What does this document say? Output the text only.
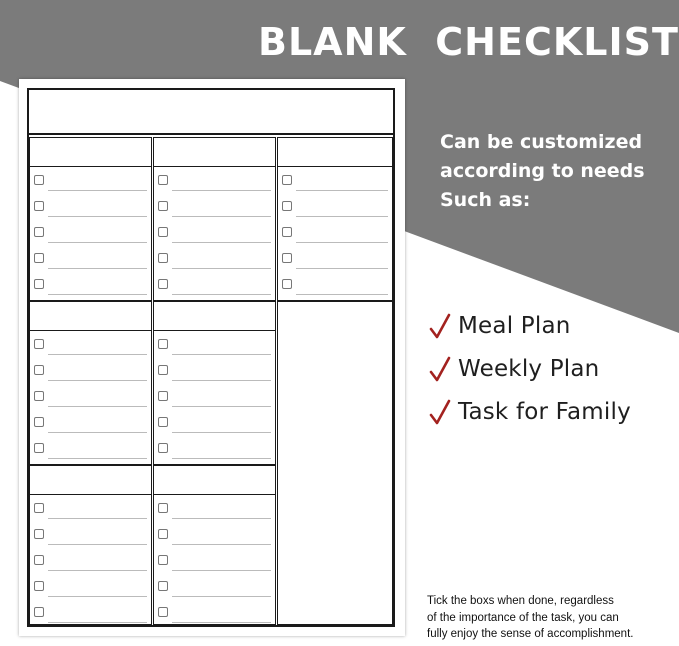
BLANK  CHECKLIST
Can be customized
according to needs
Such as:
Meal Plan
Weekly Plan
Task for Family
Tick the boxs when done, regardless
of the importance of the task, you can
fully enjoy the sense of accomplishment.
